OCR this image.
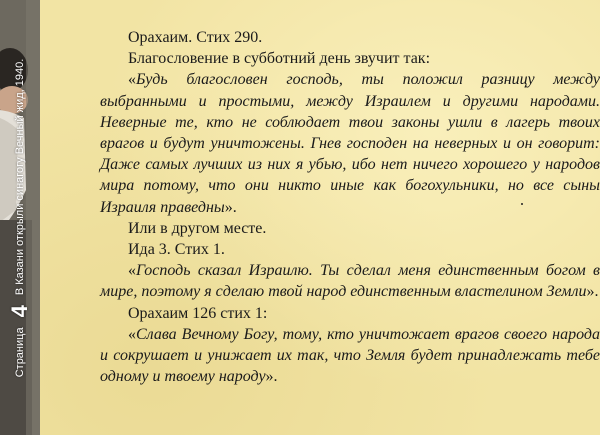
Страница
4
В Казани открыли синагогу Вечный жид, 1940.

Орахаим. Стих 290.

Благословение в субботний день звучит так:

«Будь благословен господь, ты положил разницу между выбранными и простыми, между Израилем и другими народами. Неверные те, кто не соблюдает твои законы ушли в лагерь твоих врагов и будут уничтожены. Гнев господен на неверных и он говорит: Даже самых лучших из них я убью, ибо нет ничего хорошего у народов мира потому, что они никто иные как богохульники, но все сыны Израиля праведны».

Или в другом месте.

Ида 3. Стих 1.

«Господь сказал Израилю. Ты сделал меня единственным богом в мире, поэтому я сделаю твой народ единственным властелином Земли».

Орахаим 126 стих 1:

«Слава Вечному Богу, тому, кто уничтожает врагов своего народа и сокрушает и унижает их так, что Земля будет принадлежать тебе одному и твоему народу».
